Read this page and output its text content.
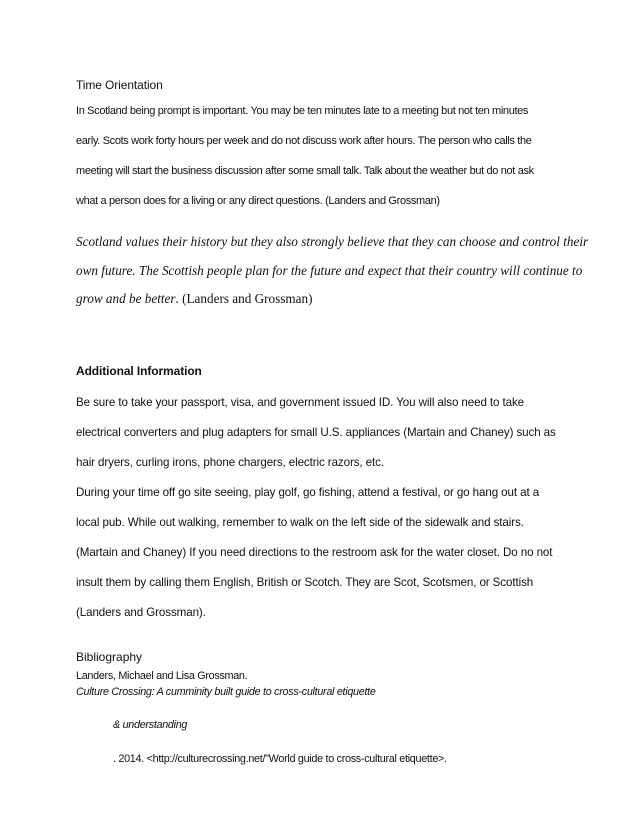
Time Orientation

In Scotland being prompt is important. You may be ten minutes late to a meeting but not ten minutes
early. Scots work forty hours per week and do not discuss work after hours. The person who calls the
meeting will start the business discussion after some small talk. Talk about the weather but do not ask
what a person does for a living or any direct questions. (Landers and Grossman)

Scotland values their history but they also strongly believe that they can choose and control their
own future. The Scottish people plan for the future and expect that their country will continue to
grow and be better. (Landers and Grossman)

Additional Information

Be sure to take your passport, visa, and government issued ID. You will also need to take
electrical converters and plug adapters for small U.S. appliances (Martain and Chaney) such as
hair dryers, curling irons, phone chargers, electric razors, etc.
During your time off go site seeing, play golf, go fishing, attend a festival, or go hang out at a
local pub. While out walking, remember to walk on the left side of the sidewalk and stairs.
(Martain and Chaney) If you need directions to the restroom ask for the water closet. Do no not
insult them by calling them English, British or Scotch. They are Scot, Scotsmen, or Scottish
(Landers and Grossman).

Bibliography

Landers, Michael and Lisa Grossman.
Culture Crossing: A cumminity built guide to cross-cultural etiquette
& understanding
. 2014. <http://culturecrossing.net/"World guide to cross-cultural etiquette>.
